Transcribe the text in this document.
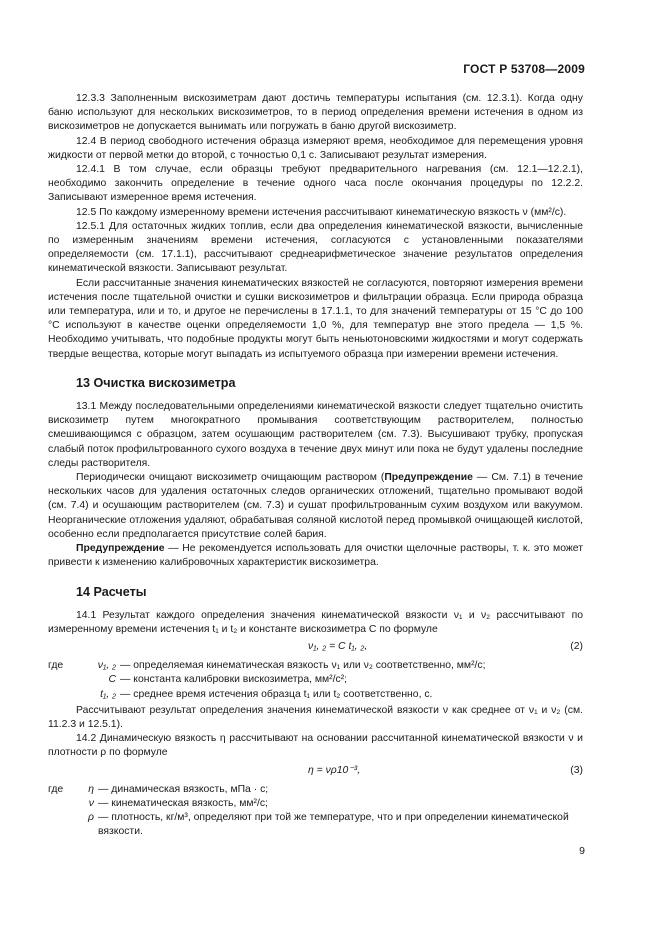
ГОСТ Р 53708—2009

12.3.3 Заполненным вискозиметрам дают достичь температуры испытания (см. 12.3.1). Когда одну баню используют для нескольких вискозиметров, то в период определения времени истечения в одном из вискозиметров не допускается вынимать или погружать в баню другой вискозиметр.

12.4 В период свободного истечения образца измеряют время, необходимое для перемещения уровня жидкости от первой метки до второй, с точностью 0,1 с. Записывают результат измерения.

12.4.1 В том случае, если образцы требуют предварительного нагревания (см. 12.1—12.2.1), необходимо закончить определение в течение одного часа после окончания процедуры по 12.2.2. Записывают измеренное время истечения.

12.5 По каждому измеренному времени истечения рассчитывают кинематическую вязкость ν (мм²/с).

12.5.1 Для остаточных жидких топлив, если два определения кинематической вязкости, вычисленные по измеренным значениям времени истечения, согласуются с установленными показателями определяемости (см. 17.1.1), рассчитывают среднеарифметическое значение результатов определения кинематической вязкости. Записывают результат.

Если рассчитанные значения кинематических вязкостей не согласуются, повторяют измерения времени истечения после тщательной очистки и сушки вискозиметров и фильтрации образца. Если природа образца или температура, или и то, и другое не перечислены в 17.1.1, то для значений температуры от 15 °С до 100 °С используют в качестве оценки определяемости 1,0 %, для температур вне этого предела — 1,5 %. Необходимо учитывать, что подобные продукты могут быть неньютоновскими жидкостями и могут содержать твердые вещества, которые могут выпадать из испытуемого образца при измерении времени истечения.

13 Очистка вискозиметра

13.1 Между последовательными определениями кинематической вязкости следует тщательно очистить вискозиметр путем многократного промывания соответствующим растворителем, полностью смешивающимся с образцом, затем осушающим растворителем (см. 7.3). Высушивают трубку, пропуская слабый поток профильтрованного сухого воздуха в течение двух минут или пока не будут удалены последние следы растворителя.

Периодически очищают вискозиметр очищающим раствором (Предупреждение — См. 7.1) в течение нескольких часов для удаления остаточных следов органических отложений, тщательно промывают водой (см. 7.4) и осушающим растворителем (см. 7.3) и сушат профильтрованным сухим воздухом или вакуумом. Неорганические отложения удаляют, обрабатывая соляной кислотой перед промывкой очищающей кислотой, особенно если предполагается присутствие солей бария.

Предупреждение — Не рекомендуется использовать для очистки щелочные растворы, т. к. это может привести к изменению калибровочных характеристик вискозиметра.

14 Расчеты

14.1 Результат каждого определения значения кинематической вязкости ν₁ и ν₂ рассчитывают по измеренному времени истечения t₁ и t₂ и константе вискозиметра C по формуле

ν₁, ₂ = C t₁, ₂,	(2)
где	ν₁, ₂ — определяемая кинематическая вязкость ν₁ или ν₂ соответственно, мм²/с;
C — константа калибровки вискозиметра, мм²/с²;
t₁, ₂ — среднее время истечения образца t₁ или t₂ соответственно, с.

Рассчитывают результат определения значения кинематической вязкости ν как среднее от ν₁ и ν₂ (см. 11.2.3 и 12.5.1).

14.2 Динамическую вязкость η рассчитывают на основании рассчитанной кинематической вязкости ν и плотности ρ по формуле

η = νρ10⁻³,	(3)
где	η — динамическая вязкость, мПа · с;
ν — кинематическая вязкость, мм²/с;
ρ — плотность, кг/м³, определяют при той же температуре, что и при определении кинематической вязкости.
9
